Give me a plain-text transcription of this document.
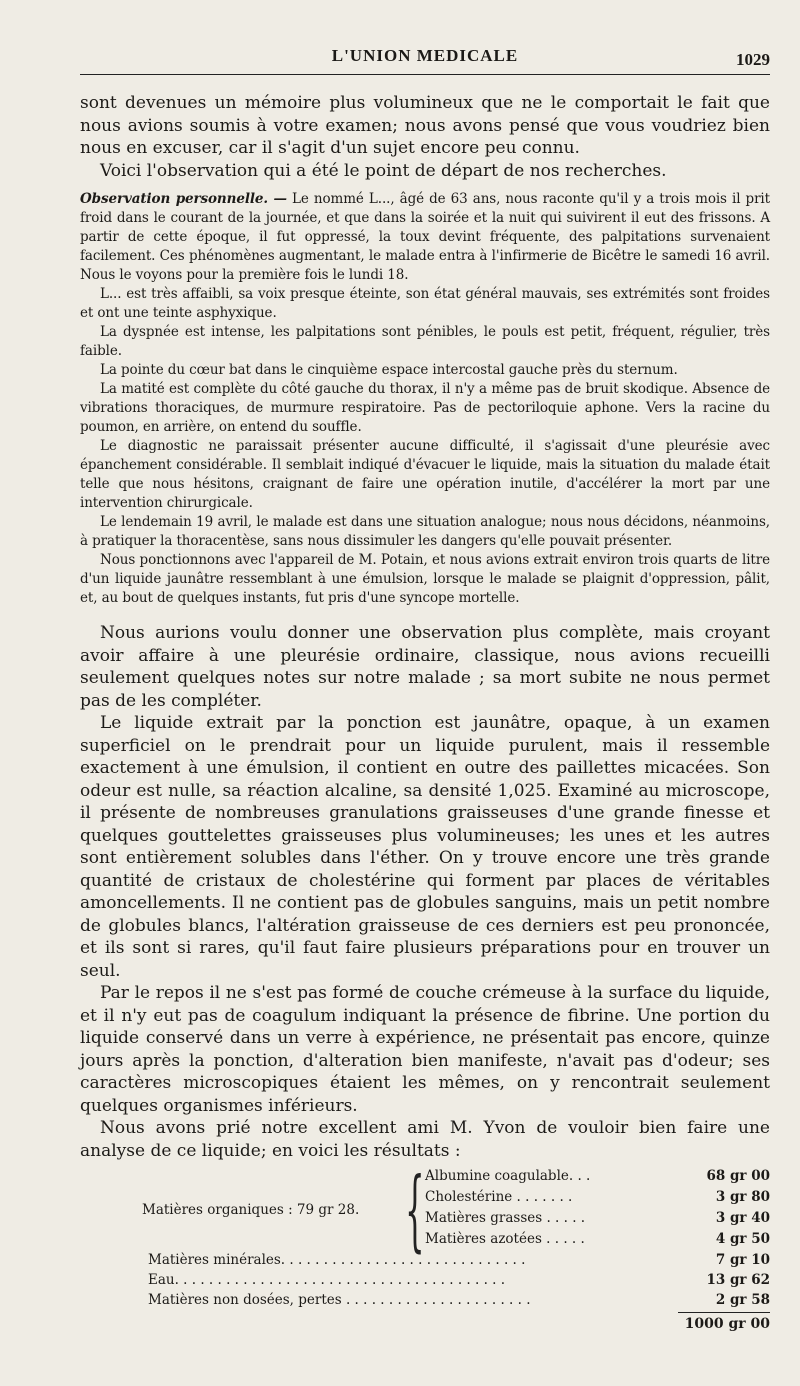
L'UNION MEDICALE	1029

sont devenues un mémoire plus volumineux que ne le comportait le fait que nous avions soumis à votre examen; nous avons pensé que vous voudriez bien nous en excuser, car il s'agit d'un sujet encore peu connu.

Voici l'observation qui a été le point de départ de nos recherches.

Observation personnelle. — Le nommé L..., âgé de 63 ans, nous raconte qu'il y a trois mois il prit froid dans le courant de la journée, et que dans la soirée et la nuit qui suivirent il eut des frissons. A partir de cette époque, il fut oppressé, la toux devint fréquente, des palpitations survenaient facilement. Ces phénomènes augmentant, le malade entra à l'infirmerie de Bicêtre le samedi 16 avril. Nous le voyons pour la première fois le lundi 18.

L... est très affaibli, sa voix presque éteinte, son état général mauvais, ses extrémités sont froides et ont une teinte asphyxique.

La dyspnée est intense, les palpitations sont pénibles, le pouls est petit, fréquent, régulier, très faible.

La pointe du cœur bat dans le cinquième espace intercostal gauche près du sternum.

La matité est complète du côté gauche du thorax, il n'y a même pas de bruit skodique. Absence de vibrations thoraciques, de murmure respiratoire. Pas de pectoriloquie aphone. Vers la racine du poumon, en arrière, on entend du souffle.

Le diagnostic ne paraissait présenter aucune difficulté, il s'agissait d'une pleurésie avec épanchement considérable. Il semblait indiqué d'évacuer le liquide, mais la situation du malade était telle que nous hésitons, craignant de faire une opération inutile, d'accélérer la mort par une intervention chirurgicale.

Le lendemain 19 avril, le malade est dans une situation analogue; nous nous décidons, néanmoins, à pratiquer la thoracentèse, sans nous dissimuler les dangers qu'elle pouvait présenter.

Nous ponctionnons avec l'appareil de M. Potain, et nous avions extrait environ trois quarts de litre d'un liquide jaunâtre ressemblant à une émulsion, lorsque le malade se plaignit d'oppression, pâlit, et, au bout de quelques instants, fut pris d'une syncope mortelle.

Nous aurions voulu donner une observation plus complète, mais croyant avoir affaire à une pleurésie ordinaire, classique, nous avions recueilli seulement quelques notes sur notre malade ; sa mort subite ne nous permet pas de les compléter.

Le liquide extrait par la ponction est jaunâtre, opaque, à un examen superficiel on le prendrait pour un liquide purulent, mais il ressemble exactement à une émulsion, il contient en outre des paillettes micacées. Son odeur est nulle, sa réaction alcaline, sa densité 1,025. Examiné au microscope, il présente de nombreuses granulations graisseuses d'une grande finesse et quelques gouttelettes graisseuses plus volumineuses; les unes et les autres sont entièrement solubles dans l'éther. On y trouve encore une très grande quantité de cristaux de cholestérine qui forment par places de véritables amoncellements. Il ne contient pas de globules sanguins, mais un petit nombre de globules blancs, l'altération graisseuse de ces derniers est peu prononcée, et ils sont si rares, qu'il faut faire plusieurs préparations pour en trouver un seul.

Par le repos il ne s'est pas formé de couche crémeuse à la surface du liquide, et il n'y eut pas de coagulum indiquant la présence de fibrine. Une portion du liquide conservé dans un verre à expérience, ne présentait pas encore, quinze jours après la ponction, d'alteration bien manifeste, n'avait pas d'odeur; ses caractères microscopiques étaient les mêmes, on y rencontrait seulement quelques organismes inférieurs.

Nous avons prié notre excellent ami M. Yvon de vouloir bien faire une analyse de ce liquide; en voici les résultats :

Matières organiques : 79 gr 28. { Albumine coagulable. . .	68 gr 00
Cholestérine . . . . . . .	3 gr 80
Matières grasses . . . . .	3 gr 40
Matières azotées . . . . .	4 gr 50
Matières minérales. . . . . . . . . . . . . . . . . . . . . . . . . . . . .	7 gr 10
Eau. . . . . . . . . . . . . . . . . . . . . . . . . . . . . . . . . . . . . . .	13 gr 62
Matières non dosées, pertes . . . . . . . . . . . . . . . . . . . . . .	2 gr 58
1000 gr 00
